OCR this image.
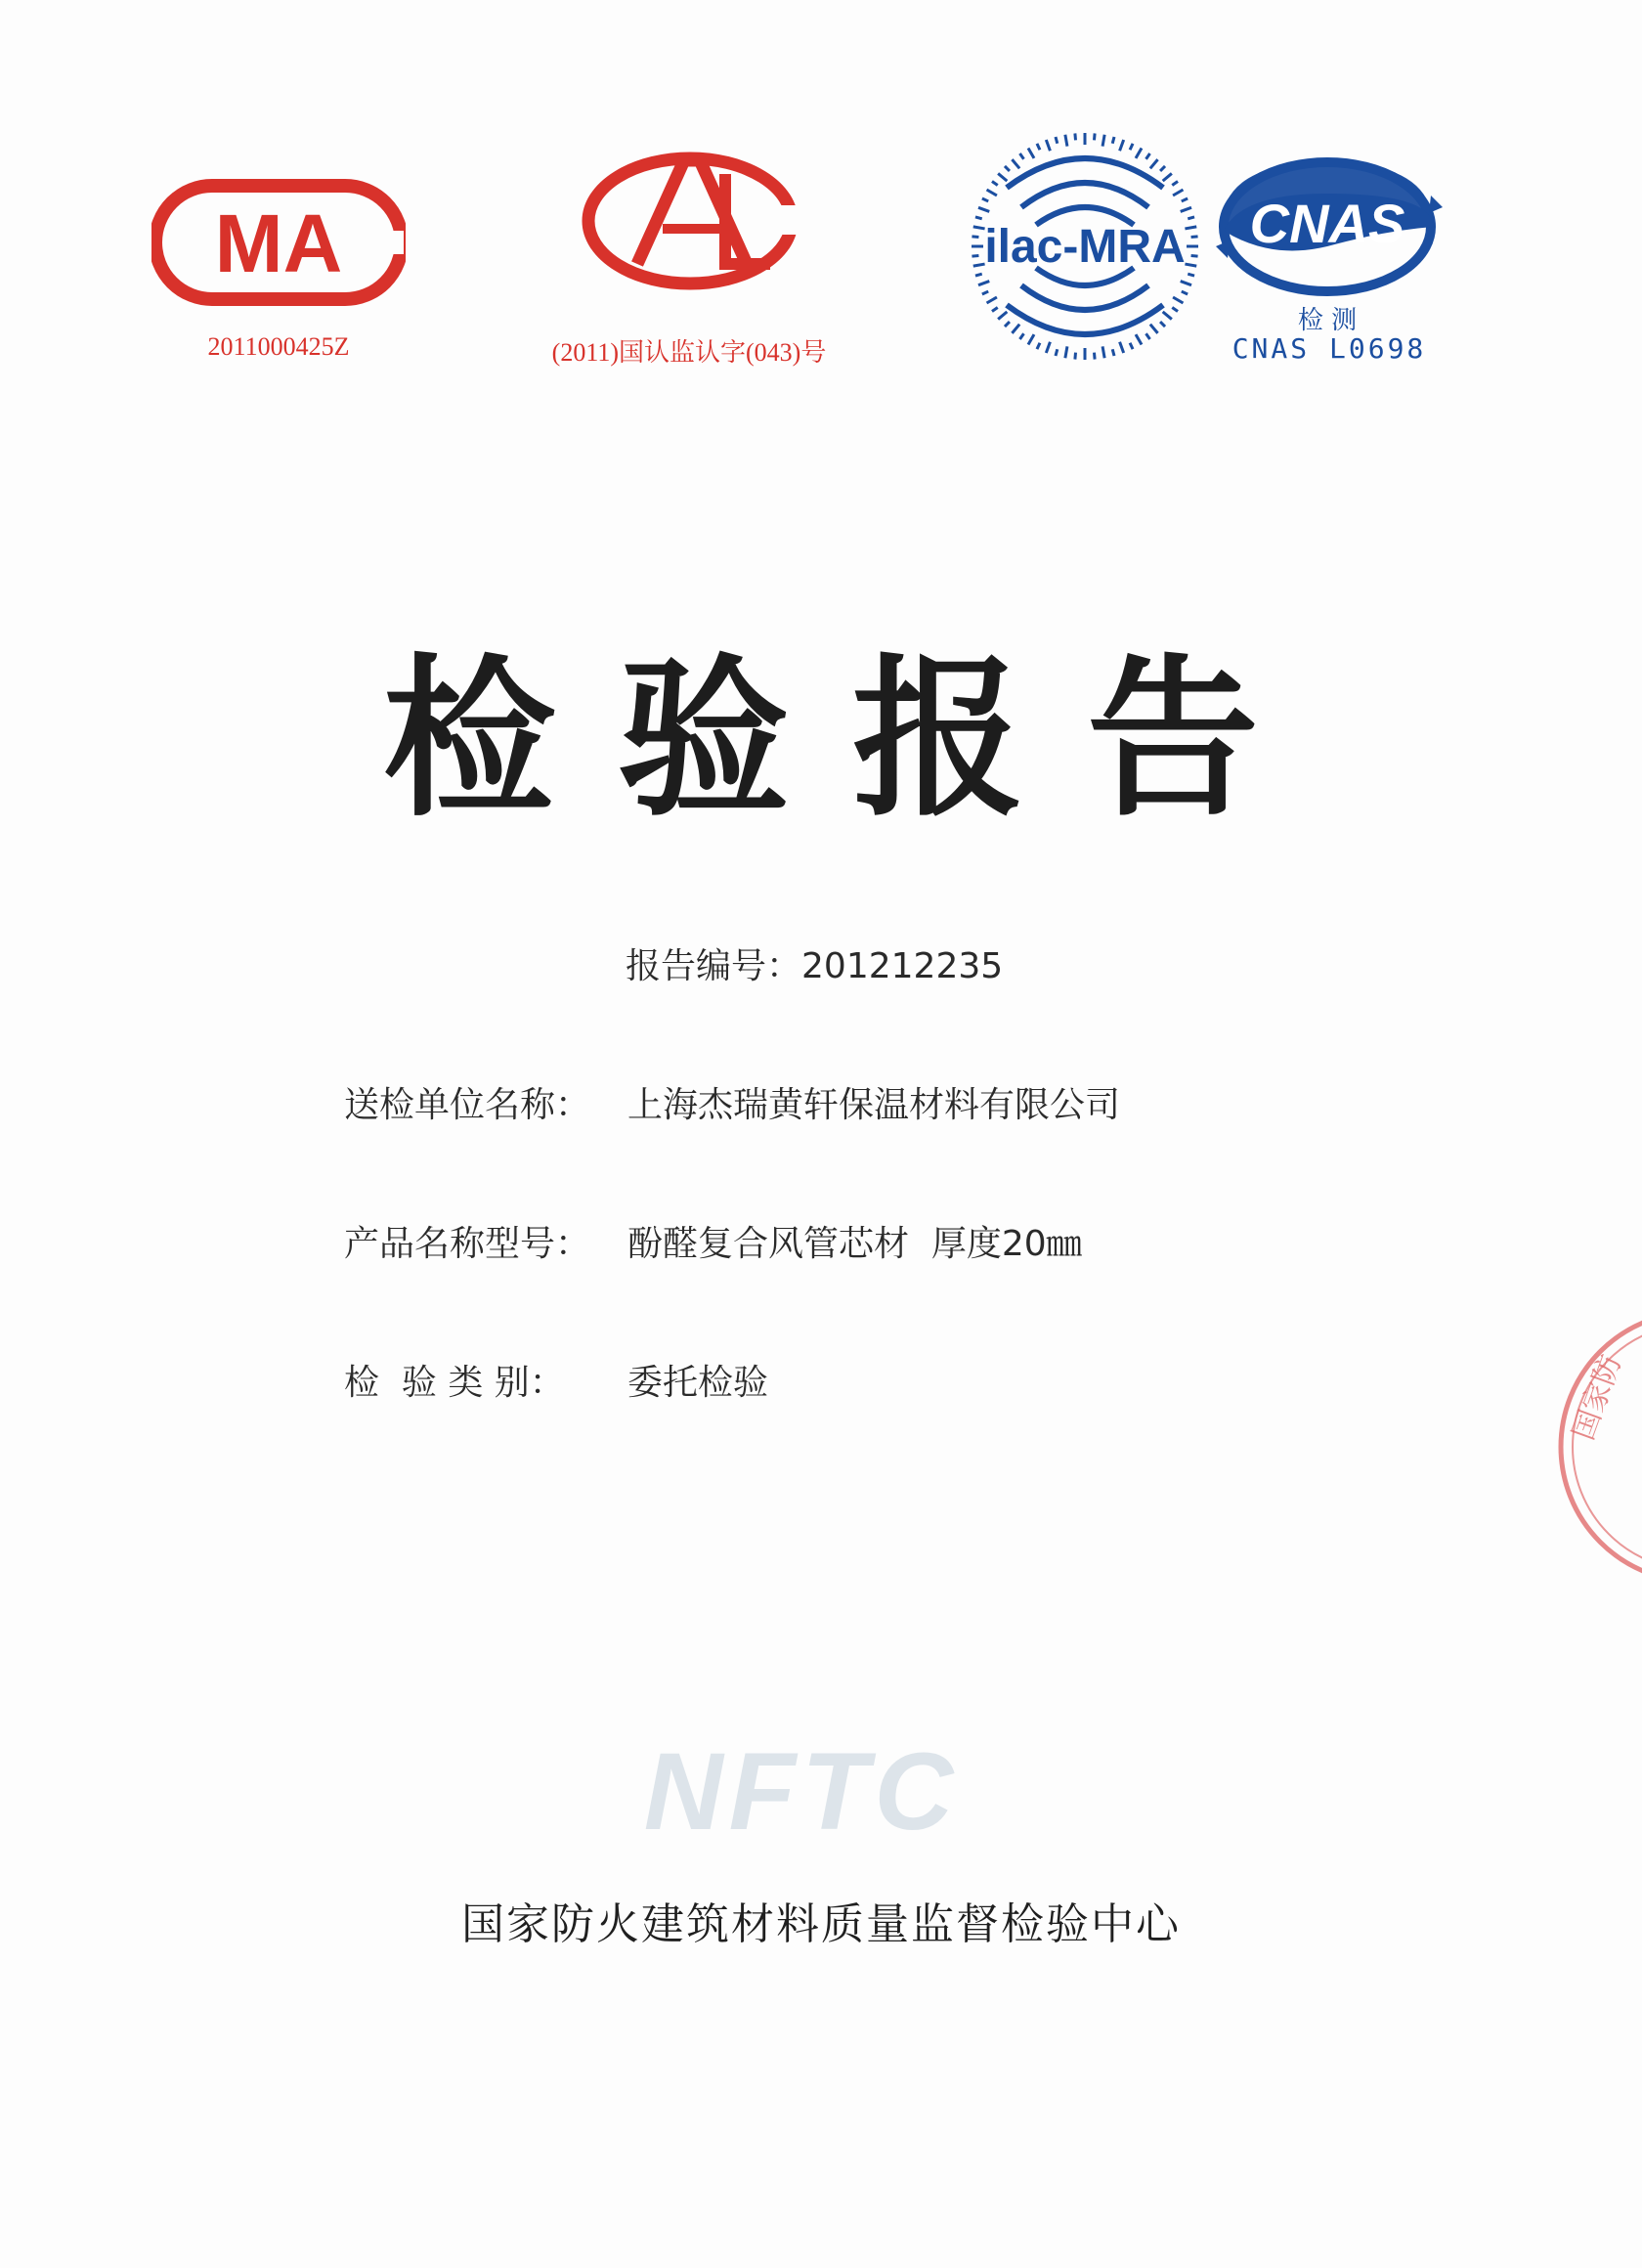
MA
2011000425Z	(2011)国认监认字(043)号
ilac-MRA CNAS
检 测
CNAS L0698
检验报告
报告编号：201212235
送检单位名称： 上海杰瑞黄轩保温材料有限公司
产品名称型号： 酚醛复合风管芯材  厚度20㎜
检  验 类 别： 委托检验
NFTC
国家防火建筑材料质量监督检验中心
国家防
